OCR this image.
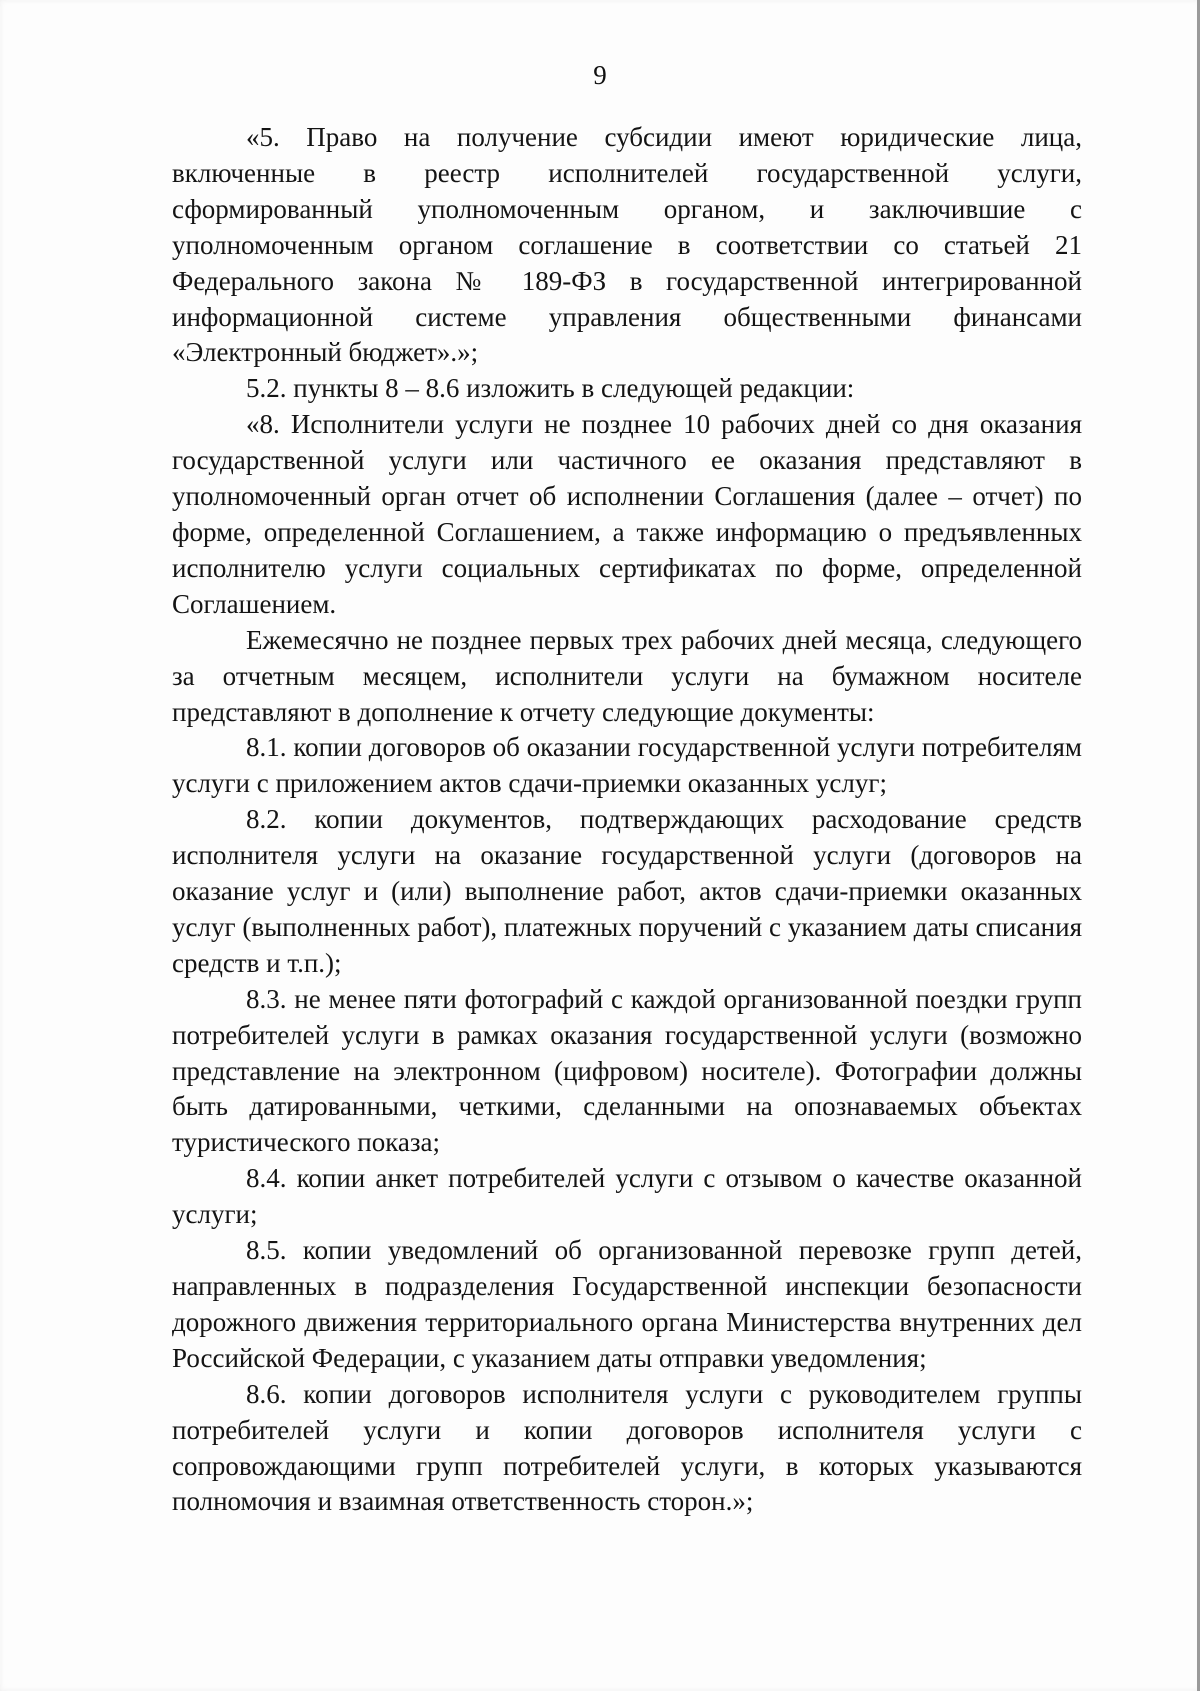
9

«5. Право на получение субсидии имеют юридические лица, включенные в реестр исполнителей государственной услуги, сформированный уполномоченным органом, и заключившие с уполномоченным органом соглашение в соответствии со статьей 21 Федерального закона № 189-ФЗ в государственной интегрированной информационной системе управления общественными финансами «Электронный бюджет».»;

5.2. пункты 8 – 8.6 изложить в следующей редакции:

«8. Исполнители услуги не позднее 10 рабочих дней со дня оказания государственной услуги или частичного ее оказания представляют в уполномоченный орган отчет об исполнении Соглашения (далее – отчет) по форме, определенной Соглашением, а также информацию о предъявленных исполнителю услуги социальных сертификатах по форме, определенной Соглашением.

Ежемесячно не позднее первых трех рабочих дней месяца, следующего за отчетным месяцем, исполнители услуги на бумажном носителе представляют в дополнение к отчету следующие документы:

8.1. копии договоров об оказании государственной услуги потребителям услуги с приложением актов сдачи-приемки оказанных услуг;

8.2. копии документов, подтверждающих расходование средств исполнителя услуги на оказание государственной услуги (договоров на оказание услуг и (или) выполнение работ, актов сдачи-приемки оказанных услуг (выполненных работ), платежных поручений с указанием даты списания средств и т.п.);

8.3. не менее пяти фотографий с каждой организованной поездки групп потребителей услуги в рамках оказания государственной услуги (возможно представление на электронном (цифровом) носителе). Фотографии должны быть датированными, четкими, сделанными на опознаваемых объектах туристического показа;

8.4. копии анкет потребителей услуги с отзывом о качестве оказанной услуги;

8.5. копии уведомлений об организованной перевозке групп детей, направленных в подразделения Государственной инспекции безопасности дорожного движения территориального органа Министерства внутренних дел Российской Федерации, с указанием даты отправки уведомления;

8.6. копии договоров исполнителя услуги с руководителем группы потребителей услуги и копии договоров исполнителя услуги с сопровождающими групп потребителей услуги, в которых указываются полномочия и взаимная ответственность сторон.»;
